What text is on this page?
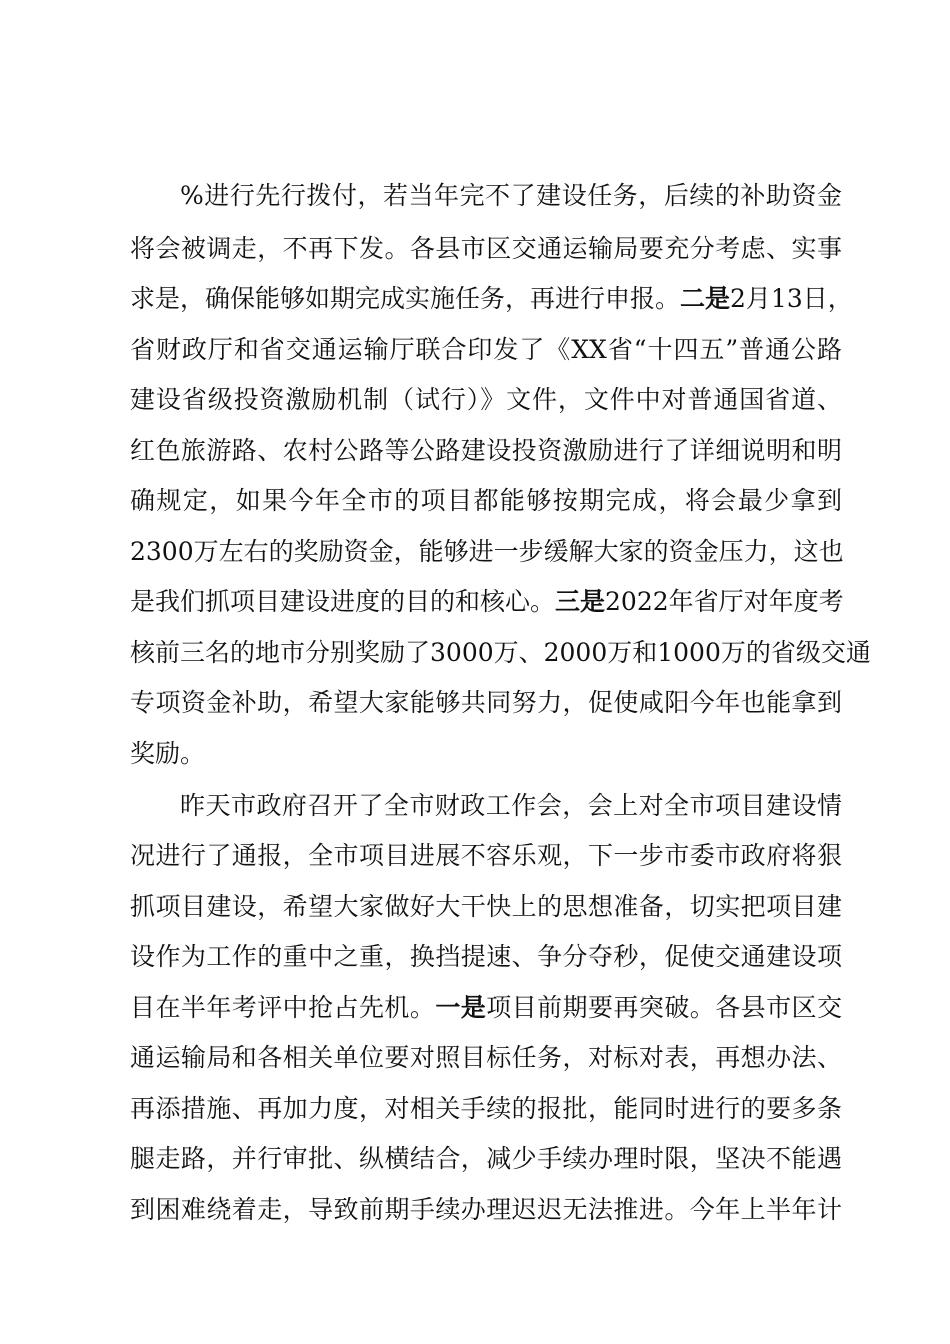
%进行先行拨付，若当年完不了建设任务，后续的补助资金
将会被调走，不再下发。各县市区交通运输局要充分考虑、实事
求是，确保能够如期完成实施任务，再进行申报。二是2月13日，
省财政厅和省交通运输厅联合印发了《XX省“十四五”普通公路
建设省级投资激励机制（试行）》文件，文件中对普通国省道、
红色旅游路、农村公路等公路建设投资激励进行了详细说明和明
确规定，如果今年全市的项目都能够按期完成，将会最少拿到
2300万左右的奖励资金，能够进一步缓解大家的资金压力，这也
是我们抓项目建设进度的目的和核心。三是2022年省厅对年度考
核前三名的地市分别奖励了3000万、2000万和1000万的省级交通
专项资金补助，希望大家能够共同努力，促使咸阳今年也能拿到
奖励。
昨天市政府召开了全市财政工作会，会上对全市项目建设情
况进行了通报，全市项目进展不容乐观，下一步市委市政府将狠
抓项目建设，希望大家做好大干快上的思想准备，切实把项目建
设作为工作的重中之重，换挡提速、争分夺秒，促使交通建设项
目在半年考评中抢占先机。一是项目前期要再突破。各县市区交
通运输局和各相关单位要对照目标任务，对标对表，再想办法、
再添措施、再加力度，对相关手续的报批，能同时进行的要多条
腿走路，并行审批、纵横结合，减少手续办理时限，坚决不能遇
到困难绕着走，导致前期手续办理迟迟无法推进。今年上半年计
